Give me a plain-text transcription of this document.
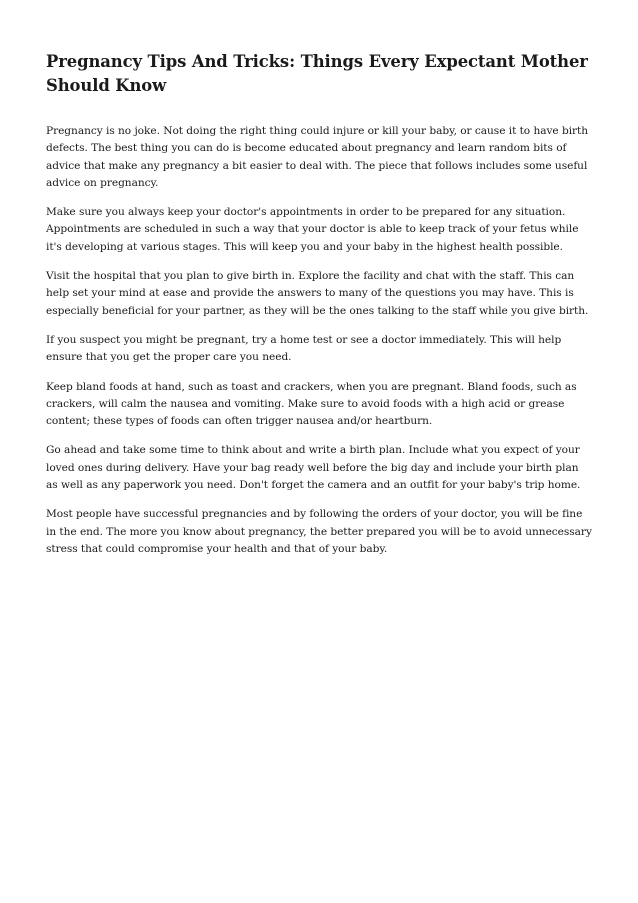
Pregnancy Tips And Tricks: Things Every Expectant Mother Should Know

Pregnancy is no joke. Not doing the right thing could injure or kill your baby, or cause it to have birth defects. The best thing you can do is become educated about pregnancy and learn random bits of advice that make any pregnancy a bit easier to deal with. The piece that follows includes some useful advice on pregnancy.

Make sure you always keep your doctor's appointments in order to be prepared for any situation. Appointments are scheduled in such a way that your doctor is able to keep track of your fetus while it's developing at various stages. This will keep you and your baby in the highest health possible.

Visit the hospital that you plan to give birth in. Explore the facility and chat with the staff. This can help set your mind at ease and provide the answers to many of the questions you may have. This is especially beneficial for your partner, as they will be the ones talking to the staff while you give birth.

If you suspect you might be pregnant, try a home test or see a doctor immediately. This will help ensure that you get the proper care you need.

Keep bland foods at hand, such as toast and crackers, when you are pregnant. Bland foods, such as crackers, will calm the nausea and vomiting. Make sure to avoid foods with a high acid or grease content; these types of foods can often trigger nausea and/or heartburn.

Go ahead and take some time to think about and write a birth plan. Include what you expect of your loved ones during delivery. Have your bag ready well before the big day and include your birth plan as well as any paperwork you need. Don't forget the camera and an outfit for your baby's trip home.

Most people have successful pregnancies and by following the orders of your doctor, you will be fine in the end. The more you know about pregnancy, the better prepared you will be to avoid unnecessary stress that could compromise your health and that of your baby.
